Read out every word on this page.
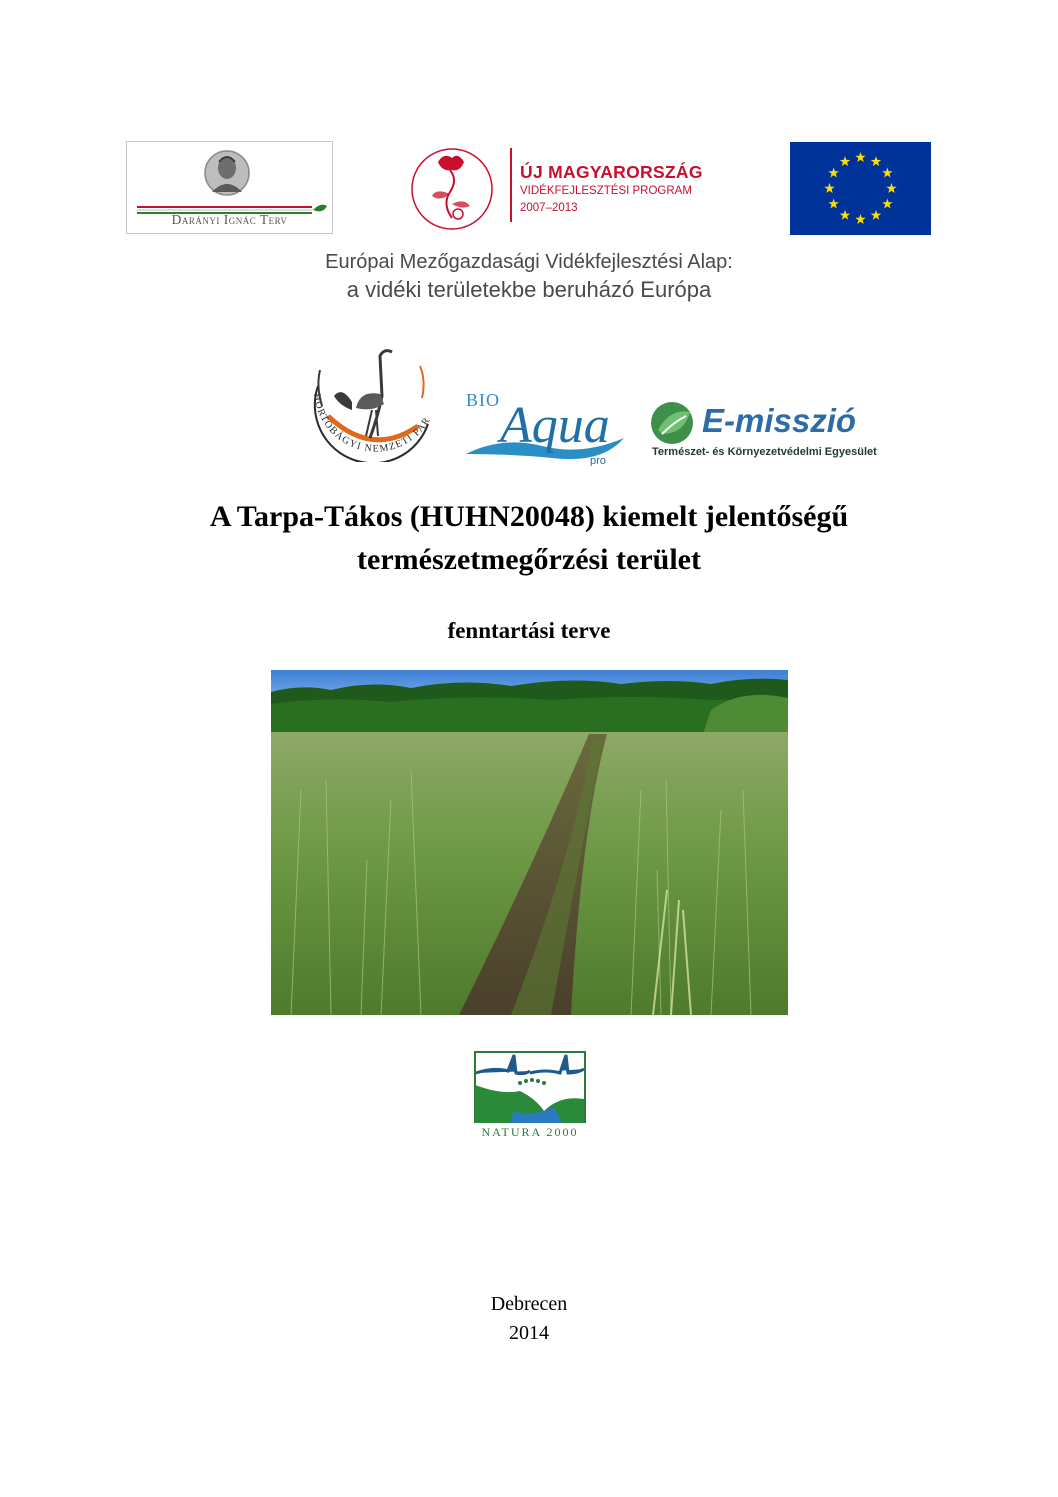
Darányi Ignác Terv
ÚJ MAGYARORSZÁG
VIDÉKFEJLESZTÉSI PROGRAM
2007–2013
Európai Mezőgazdasági Vidékfejlesztési Alap:
a vidéki területekbe beruházó Európa
HORTOBÁGYI NEMZETI PAR
BIO Aqua
pro
E-misszió
Természet- és Környezetvédelmi Egyesület
A Tarpa-Tákos (HUHN20048) kiemelt jelentőségű
természetmegőrzési terület
fenntartási terve
NATURA 2000
Debrecen
2014
